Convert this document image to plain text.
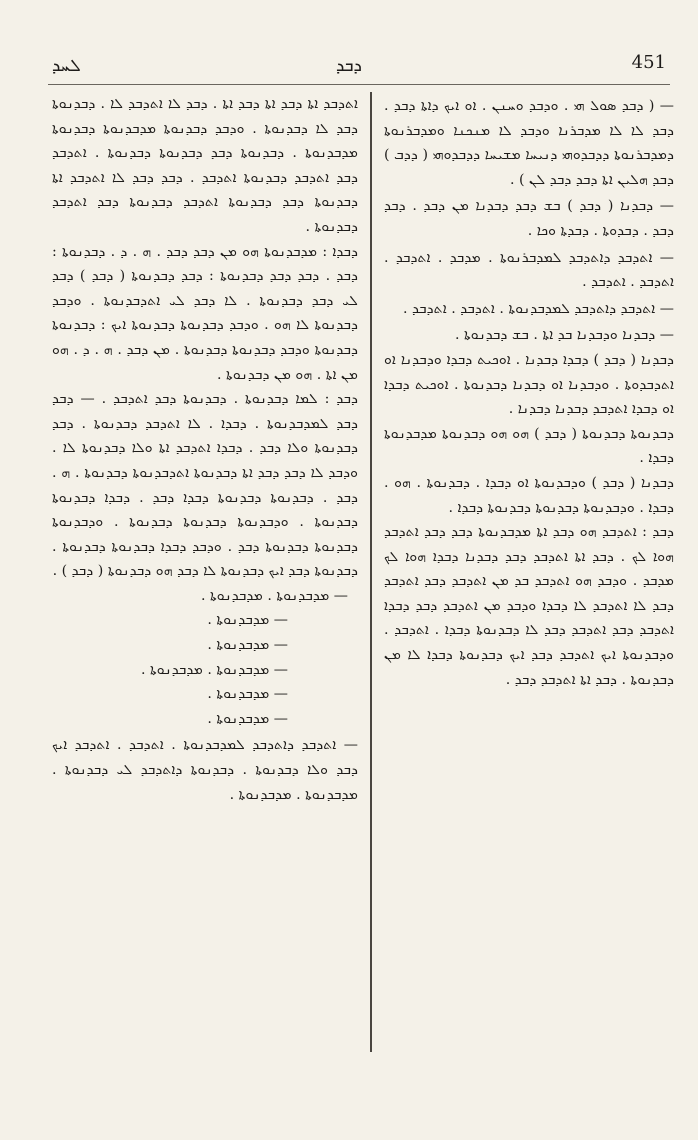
ܠܚܕ	ܕܒܕ	451

— ( ܕܒܕ ܣܘܠ ܗܝ . ܘܕܒܕ ܘܚܢܢ . ܐܘ ܐܝܟ ܕܐܬܐ ܕܒܕ . ܕܒܕ ܠܐ ܠܐ ܡܕܒܪܢܐ ܘܕܒܕ ܠܐ ܡܢܟܢܐ ܘܡܕܒܪܢܘܬܐ ܕܡܕܒܪܢܘܬܐ ܕܕܒܕܘܗܝ ܕܢܝܚܐ ܡܫܝܚܐ ܕܕܒܕܘܗܝ ( ܕܕܒ ) ܕܒܕ ܗܠܝܢ ܐܬܐ ܕܒܕ ܕܒܕ ܠܢ ) .

— ܕܒܕܢܐ ( ܕܒܕ ) ܒܫ ܕܒܕ ܕܒܕܢܐ ܡܢ ܕܒܕ . ܕܒܕ ܕܒܕ . ܕܒܕܘܬܐ . ܕܒܕܬܐ ܘܟܐ .

— ܐܬܕܒܕ ܕܐܬܕܒܕ ܠܡܕܒܪܢܘܬܐ . ܡܕܒܕ . ܐܬܕܒܕ . ܐܬܕܒܕ . ܐܬܕܒܕ .

— ܐܬܕܒܕ ܕܐܬܕܒܕ ܠܡܕܒܕܢܘܬܐ . ܐܬܕܒܕ . ܐܬܕܒܕ .

— ܕܒܕܢܐ ܘܕܒܕܢܐ ܒܕ ܐܬܐ . ܒܫ ܕܒܕܢܘܬܐ .

ܕܒܕܢܐ ( ܕܒܕ ) ܕܒܕܐ ܕܒܕܢܐ . ܐܘܟܝܬ ܕܒܕܐ ܘܕܒܕܢܐ ܐܘ ܐܬܕܒܕܘܬܐ . ܘܕܒܕܢܐ ܐܘ ܕܒܕܢܐ ܕܒܕܢܘܬܐ . ܐܘܟܝܬ ܕܒܕܐ ܐܘ ܕܒܕܐ ܐܬܕܒܕ ܕܒܕܢܐ ܕܒܕܢܐ .

ܕܒܕܢܘܬܐ ܕܒܕܢܘܬܐ ( ܕܒܕ ) ܗܘ ܗܘ ܕܒܕܢܘܬܐ ܡܕܒܕܢܘܬܐ ܕܒܕܐ .

ܕܒܕܢܐ ( ܕܒܕ ) ܘܕܒܕܢܘܬܐ ܐܘ ܕܒܕܐ . ܕܒܕܢܘܬܐ . ܗܘ . ܕܒܕܐ . ܘܕܒܕܢܘܬܐ ܕܒܕܢܘܬܐ ܕܒܕܢܘܬܐ ܕܒܕܐ .

ܕܒܕ : ܐܬܕܒܕ ܗܘ ܕܒܕ ܐܬܐ ܡܕܒܕܢܘܬܐ ܕܒܕ ܕܒܕ ܐܬܕܒܕ ܗܘܐ ܠܟ . ܕܒܕ ܐܬܐ ܐܬܕܒܕ ܕܒܕ ܕܒܕܢܐ ܕܒܕܐ ܗܘܐ ܠܟ ܡܕܒܕ . ܘܕܒܕ ܗܘ ܐܬܕܒܕ ܒܕ ܡܢ ܐܬܕܒܕ ܕܒܕ ܐܬܕܒܕ ܕܒܕ ܠܐ ܐܬܕܒܕ ܠܐ ܕܒܕܐ ܘܕܒܕ ܡܢ ܐܬܕܒܕ ܕܒܕ ܕܒܕܐ ܐܬܕܒܕ ܕܒܕ ܐܬܕܒܕ ܕܒܕ ܠܐ ܕܒܕܢܘܬܐ ܕܒܕܐ . ܐܬܕܒܕ . ܘܕܒܕܢܘܬܐ ܐܝܟ ܐܬܕܒܕ ܕܒܕ ܐܝܟ ܕܒܕܢܘܬܐ ܕܒܕܐ ܠܐ ܡܢ ܕܒܕܢܘܬܐ . ܕܒܕ ܐܬܐ ܐܬܕܒܕ ܕܒܕ .

ܐܬܕܒܕ ܐܬܐ ܕܒܕ ܐܬܐ ܕܒܕ ܐܬܐ . ܕܒܕ ܠܐ ܐܬܕܒܕ ܠܐ . ܕܒܕܢܘܬܐ ܕܒܕ ܠܐ ܕܒܕܢܘܬܐ . ܘܕܒܕ ܕܒܕܢܘܬܐ ܡܕܒܕܢܘܬܐ ܕܒܕܢܘܬܐ ܡܕܒܕܢܘܬܐ . ܕܒܕܢܘܬܐ ܕܒܕ ܕܒܕܢܘܬܐ ܕܒܕܢܘܬܐ . ܐܬܕܒܕ ܕܒܕ ܐܬܕܒܕ ܕܒܕܢܘܬܐ ܐܬܕܒܕ . ܕܒܕ ܕܒܕ ܠܐ ܐܬܕܒܕ ܐܬܐ ܕܒܕܢܘܬܐ ܕܒܕ ܕܒܕܢܘܬܐ ܐܬܕܒܕ ܕܒܕܢܘܬܐ ܕܒܕ ܐܬܕܒܕ ܕܒܕܢܘܬܐ .

ܕܒܕܐ : ܡܕܒܕܢܘܬܐ ܗܘ ܡܢ ܕܒܕ ܕܒܕ . ܗ . ܕ . ܕܒܕܢܘܬܐ : ܕܒܕ . ܕܒܕ ܕܒܕ ܕܒܕܢܘܬܐ : ܕܒܕ ܕܒܕܢܘܬܐ ( ܕܒܕ ) ܕܒܕ ܠܝ ܕܒܕ ܕܒܕܢܘܬܐ . ܠܐ ܕܒܕ ܠܝ ܐܬܕܒܕܢܘܬܐ . ܘܕܒܕ ܕܒܕܢܘܬܐ ܠܐ ܗܘ . ܘܕܒܕ ܕܒܕܢܘܬܐ ܕܒܕܢܘܬܐ ܐܝܟ : ܕܒܕܢܘܬܐ ܕܒܕܢܘܬܐ ܘܕܒܕ ܕܒܕܢܘܬܐ ܕܒܕܢܘܬܐ . ܡܢ ܕܒܕ . ܗ . ܕ . ܗܘ ܡܢ ܐܬܐ . ܗܘ ܡܢ ܕܒܕܢܘܬܐ .

ܕܒܕ : ܠܡܐ ܕܒܕܢܘܬܐ . ܕܒܕܢܘܬܐ ܕܒܕ ܐܬܕܒܕ . — ܕܒܕ ܕܒܕ ܠܡܕܒܕܢܘܬܐ . ܕܒܕܐ . ܠܐ ܐܬܕܒܕ ܕܒܕܢܘܬܐ . ܕܒܕ ܕܒܕܢܘܬܐ ܘܠܐ ܕܒܕ . ܕܒܕܐ ܐܬܕܒܕ ܐܬܐ ܘܠܐ ܕܒܕܢܘܬܐ ܠܐ . ܘܕܒܕ ܠܐ ܕܒܕ ܕܒܕ ܐܬܐ ܕܒܕܢܘܬܐ ܐܬܕܒܕܢܘܬܐ ܕܒܕܢܘܬܐ . ܗ . ܕܒܕ . ܕܒܕܢܘܬܐ ܕܒܕܢܘܬܐ ܕܒܕܐ ܕܒܕ . ܕܒܕܐ ܕܒܕܢܘܬܐ ܕܒܕܢܘܬܐ . ܘܕܒܕܢܘܬܐ ܕܒܕܢܘܬܐ ܕܒܕܢܘܬܐ . ܘܕܒܕܢܘܬܐ ܕܒܕܢܘܬܐ ܕܒܕܢܘܬܐ ܕܒܕ . ܘܕܒܕ ܕܒܕܐ ܕܒܕܢܘܬܐ ܕܒܕܢܘܬܐ . ܕܒܕܢܘܬܐ ܕܒܕ ܐܝܟ ܕܒܕܢܘܬܐ ܠܐ ܕܒܕ ܗܘ ܕܒܕܢܘܬܐ ( ܕܒܕ ) .

— ܡܕܒܕܢܘܬܐ . ܡܕܒܕܢܘܬܐ .

— ܡܕܒܕܢܘܬܐ .

— ܡܕܒܕܢܘܬܐ .

— ܡܕܒܕܢܘܬܐ . ܡܕܒܕܢܘܬܐ .

— ܡܕܒܕܢܘܬܐ .

— ܡܕܒܕܢܘܬܐ .

— ܐܬܕܒܕ ܕܐܬܕܒܕ ܠܡܕܒܕܢܘܬܐ . ܐܬܕܒܕ . ܐܬܕܒܕ ܐܝܟ ܕܒܕ ܘܠܐ ܕܒܕܢܘܬܐ . ܕܒܕܢܘܬܐ ܕܐܬܕܒܕ ܠܝ ܕܒܕܢܘܬܐ . ܡܕܒܕܢܘܬܐ . ܡܕܒܕܢܘܬܐ .
